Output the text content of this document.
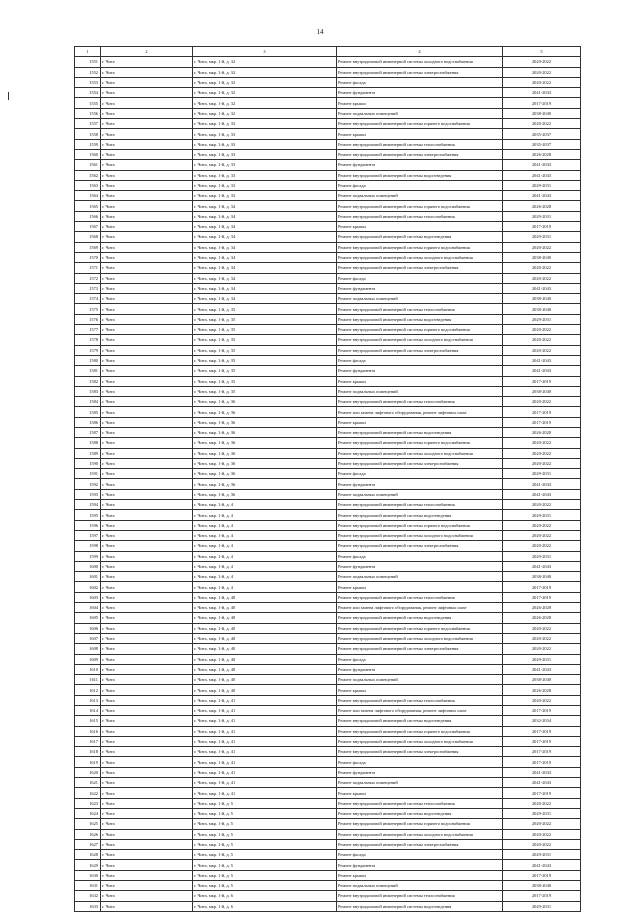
14
1	2	3	4	5
1551	г. Чита	г. Чита, мкр. 1-й, д. 32	Ремонт внутридомовой инженерной системы холодного водоснабжения	2020-2022
1552	г. Чита	г. Чита, мкр. 1-й, д. 32	Ремонт внутридомовой инженерной системы электроснабжения	2020-2022
1553	г. Чита	г. Чита, мкр. 1-й, д. 32	Ремонт фасада	2020-2022
1554	г. Чита	г. Чита, мкр. 1-й, д. 32	Ремонт фундамента	2041-2043
1555	г. Чита	г. Чита, мкр. 1-й, д. 32	Ремонт крыши	2017-2019
1556	г. Чита	г. Чита, мкр. 1-й, д. 32	Ремонт подвальных помещений	2038-2040
1557	г. Чита	г. Чита, мкр. 1-й, д. 33	Ремонт внутридомовой инженерной системы горячего водоснабжения	2020-2022
1558	г. Чита	г. Чита, мкр. 1-й, д. 33	Ремонт крыши	2035-2037
1559	г. Чита	г. Чита, мкр. 1-й, д. 33	Ремонт внутридомовой инженерной системы теплоснабжения	2035-2037
1560	г. Чита	г. Чита, мкр. 1-й, д. 33	Ремонт внутридомовой инженерной системы электроснабжения	2026-2028
1561	г. Чита	г. Чита, мкр. 1-й, д. 33	Ремонт фундамента	2041-2043
1562	г. Чита	г. Чита, мкр. 1-й, д. 33	Ремонт внутридомовой инженерной системы водоотведения	2041-2043
1563	г. Чита	г. Чита, мкр. 1-й, д. 33	Ремонт фасада	2029-2031
1564	г. Чита	г. Чита, мкр. 1-й, д. 33	Ремонт подвальных помещений	2041-2043
1565	г. Чита	г. Чита, мкр. 1-й, д. 34	Ремонт внутридомовой инженерной системы горячего водоснабжения	2026-2028
1566	г. Чита	г. Чита, мкр. 1-й, д. 34	Ремонт внутридомовой инженерной системы теплоснабжения	2029-2031
1567	г. Чита	г. Чита, мкр. 1-й, д. 34	Ремонт крыши	2017-2019
1568	г. Чита	г. Чита, мкр. 1-й, д. 34	Ремонт внутридомовой инженерной системы водоотведения	2029-2031
1569	г. Чита	г. Чита, мкр. 1-й, д. 34	Ремонт внутридомовой инженерной системы горячего водоснабжения	2020-2022
1570	г. Чита	г. Чита, мкр. 1-й, д. 34	Ремонт внутридомовой инженерной системы холодного водоснабжения	2038-2040
1571	г. Чита	г. Чита, мкр. 1-й, д. 34	Ремонт внутридомовой инженерной системы электроснабжения	2020-2022
1572	г. Чита	г. Чита, мкр. 1-й, д. 34	Ремонт фасада	2020-2022
1573	г. Чита	г. Чита, мкр. 1-й, д. 34	Ремонт фундамента	2041-2043
1574	г. Чита	г. Чита, мкр. 1-й, д. 34	Ремонт подвальных помещений	2038-2040
1575	г. Чита	г. Чита, мкр. 1-й, д. 35	Ремонт внутридомовой инженерной системы теплоснабжения	2038-2040
1576	г. Чита	г. Чита, мкр. 1-й, д. 35	Ремонт внутридомовой инженерной системы водоотведения	2029-2031
1577	г. Чита	г. Чита, мкр. 1-й, д. 35	Ремонт внутридомовой инженерной системы горячего водоснабжения	2020-2022
1578	г. Чита	г. Чита, мкр. 1-й, д. 35	Ремонт внутридомовой инженерной системы холодного водоснабжения	2020-2022
1579	г. Чита	г. Чита, мкр. 1-й, д. 35	Ремонт внутридомовой инженерной системы электроснабжения	2020-2022
1580	г. Чита	г. Чита, мкр. 1-й, д. 35	Ремонт фасада	2041-2043
1581	г. Чита	г. Чита, мкр. 1-й, д. 35	Ремонт фундамента	2041-2043
1582	г. Чита	г. Чита, мкр. 1-й, д. 35	Ремонт крыши	2017-2019
1583	г. Чита	г. Чита, мкр. 1-й, д. 35	Ремонт подвальных помещений	2038-2040
1584	г. Чита	г. Чита, мкр. 1-й, д. 36	Ремонт внутридомовой инженерной системы теплоснабжения	2020-2022
1585	г. Чита	г. Чита, мкр. 1-й, д. 36	Ремонт или замена лифтового оборудования, ремонт лифтовых шахт	2017-2019
1586	г. Чита	г. Чита, мкр. 1-й, д. 36	Ремонт крыши	2017-2019
1587	г. Чита	г. Чита, мкр. 1-й, д. 36	Ремонт внутридомовой инженерной системы водоотведения	2026-2028
1588	г. Чита	г. Чита, мкр. 1-й, д. 36	Ремонт внутридомовой инженерной системы горячего водоснабжения	2020-2022
1589	г. Чита	г. Чита, мкр. 1-й, д. 36	Ремонт внутридомовой инженерной системы холодного водоснабжения	2020-2022
1590	г. Чита	г. Чита, мкр. 1-й, д. 36	Ремонт внутридомовой инженерной системы электроснабжения	2020-2022
1591	г. Чита	г. Чита, мкр. 1-й, д. 36	Ремонт фасада	2029-2031
1592	г. Чита	г. Чита, мкр. 1-й, д. 36	Ремонт фундамента	2041-2043
1593	г. Чита	г. Чита, мкр. 1-й, д. 36	Ремонт подвальных помещений	2041-2043
1594	г. Чита	г. Чита, мкр. 1-й, д. 4	Ремонт внутридомовой инженерной системы теплоснабжения	2020-2022
1595	г. Чита	г. Чита, мкр. 1-й, д. 4	Ремонт внутридомовой инженерной системы водоотведения	2029-2031
1596	г. Чита	г. Чита, мкр. 1-й, д. 4	Ремонт внутридомовой инженерной системы горячего водоснабжения	2020-2022
1597	г. Чита	г. Чита, мкр. 1-й, д. 4	Ремонт внутридомовой инженерной системы холодного водоснабжения	2020-2022
1598	г. Чита	г. Чита, мкр. 1-й, д. 4	Ремонт внутридомовой инженерной системы электроснабжения	2020-2022
1599	г. Чита	г. Чита, мкр. 1-й, д. 4	Ремонт фасада	2029-2031
1600	г. Чита	г. Чита, мкр. 1-й, д. 4	Ремонт фундамента	2041-2043
1601	г. Чита	г. Чита, мкр. 1-й, д. 4	Ремонт подвальных помещений	2038-2040
1602	г. Чита	г. Чита, мкр. 1-й, д. 4	Ремонт крыши	2017-2019
1603	г. Чита	г. Чита, мкр. 1-й, д. 40	Ремонт внутридомовой инженерной системы теплоснабжения	2017-2019
1604	г. Чита	г. Чита, мкр. 1-й, д. 40	Ремонт или замена лифтового оборудования, ремонт лифтовых шахт	2026-2028
1605	г. Чита	г. Чита, мкр. 1-й, д. 40	Ремонт внутридомовой инженерной системы водоотведения	2026-2028
1606	г. Чита	г. Чита, мкр. 1-й, д. 40	Ремонт внутридомовой инженерной системы горячего водоснабжения	2020-2022
1607	г. Чита	г. Чита, мкр. 1-й, д. 40	Ремонт внутридомовой инженерной системы холодного водоснабжения	2020-2022
1608	г. Чита	г. Чита, мкр. 1-й, д. 40	Ремонт внутридомовой инженерной системы электроснабжения	2020-2022
1609	г. Чита	г. Чита, мкр. 1-й, д. 40	Ремонт фасада	2029-2031
1610	г. Чита	г. Чита, мкр. 1-й, д. 40	Ремонт фундамента	2041-2043
1611	г. Чита	г. Чита, мкр. 1-й, д. 40	Ремонт подвальных помещений	2038-2040
1612	г. Чита	г. Чита, мкр. 1-й, д. 40	Ремонт крыши	2026-2028
1613	г. Чита	г. Чита, мкр. 1-й, д. 41	Ремонт внутридомовой инженерной системы теплоснабжения	2020-2022
1614	г. Чита	г. Чита, мкр. 1-й, д. 41	Ремонт или замена лифтового оборудования, ремонт лифтовых шахт	2017-2019
1615	г. Чита	г. Чита, мкр. 1-й, д. 41	Ремонт внутридомовой инженерной системы водоотведения	2032-2034
1616	г. Чита	г. Чита, мкр. 1-й, д. 41	Ремонт внутридомовой инженерной системы горячего водоснабжения	2017-2019
1617	г. Чита	г. Чита, мкр. 1-й, д. 41	Ремонт внутридомовой инженерной системы холодного водоснабжения	2017-2019
1618	г. Чита	г. Чита, мкр. 1-й, д. 41	Ремонт внутридомовой инженерной системы электроснабжения	2017-2019
1619	г. Чита	г. Чита, мкр. 1-й, д. 41	Ремонт фасада	2017-2019
1620	г. Чита	г. Чита, мкр. 1-й, д. 41	Ремонт фундамента	2041-2043
1621	г. Чита	г. Чита, мкр. 1-й, д. 41	Ремонт подвальных помещений	2041-2043
1622	г. Чита	г. Чита, мкр. 1-й, д. 41	Ремонт крыши	2017-2019
1623	г. Чита	г. Чита, мкр. 1-й, д. 5	Ремонт внутридомовой инженерной системы теплоснабжения	2020-2022
1624	г. Чита	г. Чита, мкр. 1-й, д. 5	Ремонт внутридомовой инженерной системы водоотведения	2029-2031
1625	г. Чита	г. Чита, мкр. 1-й, д. 5	Ремонт внутридомовой инженерной системы горячего водоснабжения	2020-2022
1626	г. Чита	г. Чита, мкр. 1-й, д. 5	Ремонт внутридомовой инженерной системы холодного водоснабжения	2020-2022
1627	г. Чита	г. Чита, мкр. 1-й, д. 5	Ремонт внутридомовой инженерной системы электроснабжения	2020-2022
1628	г. Чита	г. Чита, мкр. 1-й, д. 5	Ремонт фасада	2029-2031
1629	г. Чита	г. Чита, мкр. 1-й, д. 5	Ремонт фундамента	2041-2043
1630	г. Чита	г. Чита, мкр. 1-й, д. 5	Ремонт крыши	2017-2019
1631	г. Чита	г. Чита, мкр. 1-й, д. 5	Ремонт подвальных помещений	2038-2040
1632	г. Чита	г. Чита, мкр. 1-й, д. 6	Ремонт внутридомовой инженерной системы теплоснабжения	2017-2019
1633	г. Чита	г. Чита, мкр. 1-й, д. 6	Ремонт внутридомовой инженерной системы водоотведения	2029-2031
